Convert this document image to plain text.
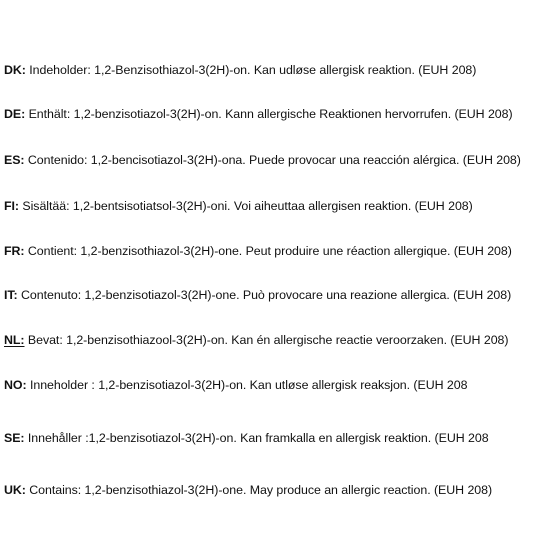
DK: Indeholder: 1,2-Benzisothiazol-3(2H)-on. Kan udløse allergisk reaktion. (EUH 208)
DE: Enthält: 1,2-benzisotiazol-3(2H)-on. Kann allergische Reaktionen hervorrufen. (EUH 208)
ES: Contenido: 1,2-bencisotiazol-3(2H)-ona. Puede provocar una reacción alérgica. (EUH 208)
FI: Sisältää: 1,2-bentsisotiatsol-3(2H)-oni. Voi aiheuttaa allergisen reaktion. (EUH 208)
FR: Contient: 1,2-benzisothiazol-3(2H)-one. Peut produire une réaction allergique. (EUH 208)
IT: Contenuto: 1,2-benzisotiazol-3(2H)-one. Può provocare una reazione allergica. (EUH 208)
NL: Bevat: 1,2-benzisothiazool-3(2H)-on. Kan én allergische reactie veroorzaken. (EUH 208)
NO: Inneholder : 1,2-benzisotiazol-3(2H)-on. Kan utløse allergisk reaksjon. (EUH 208
SE: Innehåller :1,2-benzisotiazol-3(2H)-on. Kan framkalla en allergisk reaktion. (EUH 208
UK: Contains: 1,2-benzisothiazol-3(2H)-one. May produce an allergic reaction. (EUH 208)
